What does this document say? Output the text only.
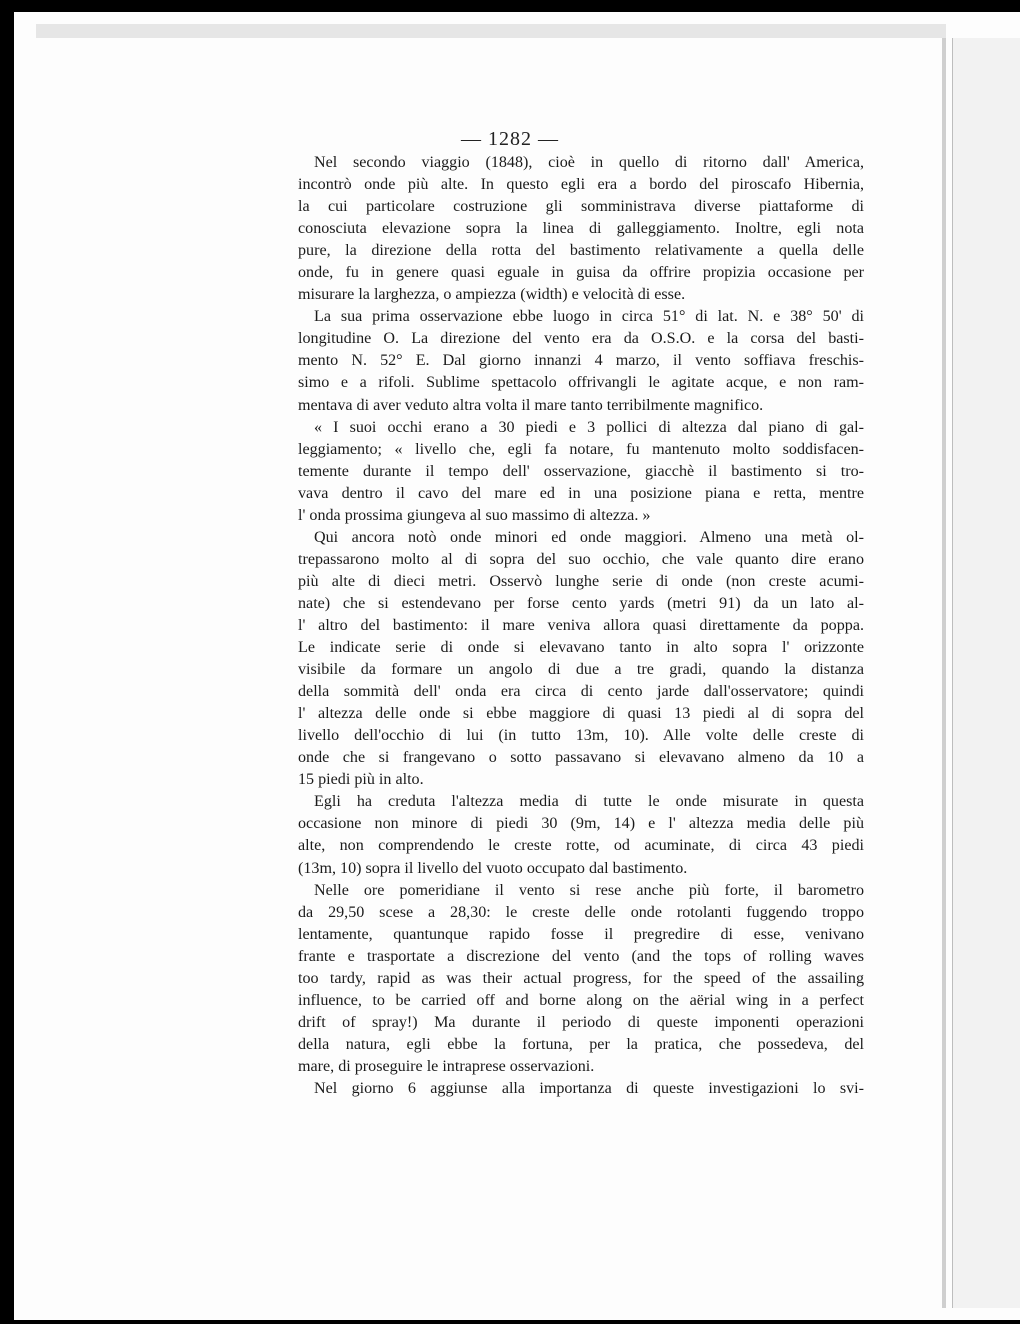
— 1282 —
Nel secondo viaggio (1848), cioè in quello di ritorno dall' America,
incontrò onde più alte. In questo egli era a bordo del piroscafo Hibernia,
la cui particolare costruzione gli somministrava diverse piattaforme di
conosciuta elevazione sopra la linea di galleggiamento. Inoltre, egli nota
pure, la direzione della rotta del bastimento relativamente a quella delle
onde, fu in genere quasi eguale in guisa da offrire propizia occasione per
misurare la larghezza, o ampiezza (width) e velocità di esse.
La sua prima osservazione ebbe luogo in circa 51° di lat. N. e 38° 50' di
longitudine O. La direzione del vento era da O.S.O. e la corsa del basti-
mento N. 52° E. Dal giorno innanzi 4 marzo, il vento soffiava freschis-
simo e a rifoli. Sublime spettacolo offrivangli le agitate acque, e non ram-
mentava di aver veduto altra volta il mare tanto terribilmente magnifico.
« I suoi occhi erano a 30 piedi e 3 pollici di altezza dal piano di gal-
leggiamento; « livello che, egli fa notare, fu mantenuto molto soddisfacen-
temente durante il tempo dell' osservazione, giacchè il bastimento si tro-
vava dentro il cavo del mare ed in una posizione piana e retta, mentre
l' onda prossima giungeva al suo massimo di altezza. »
Qui ancora notò onde minori ed onde maggiori. Almeno una metà ol-
trepassarono molto al di sopra del suo occhio, che vale quanto dire erano
più alte di dieci metri. Osservò lunghe serie di onde (non creste acumi-
nate) che si estendevano per forse cento yards (metri 91) da un lato al-
l' altro del bastimento: il mare veniva allora quasi direttamente da poppa.
Le indicate serie di onde si elevavano tanto in alto sopra l' orizzonte
visibile da formare un angolo di due a tre gradi, quando la distanza
della sommità dell' onda era circa di cento jarde dall'osservatore; quindi
l' altezza delle onde si ebbe maggiore di quasi 13 piedi al di sopra del
livello dell'occhio di lui (in tutto 13m, 10). Alle volte delle creste di
onde che si frangevano o sotto passavano si elevavano almeno da 10 a
15 piedi più in alto.
Egli ha creduta l'altezza media di tutte le onde misurate in questa
occasione non minore di piedi 30 (9m, 14) e l' altezza media delle più
alte, non comprendendo le creste rotte, od acuminate, di circa 43 piedi
(13m, 10) sopra il livello del vuoto occupato dal bastimento.
Nelle ore pomeridiane il vento si rese anche più forte, il barometro
da 29,50 scese a 28,30: le creste delle onde rotolanti fuggendo troppo
lentamente, quantunque rapido fosse il pregredire di esse, venivano
frante e trasportate a discrezione del vento (and the tops of rolling waves
too tardy, rapid as was their actual progress, for the speed of the assailing
influence, to be carried off and borne along on the aërial wing in a perfect
drift of spray!) Ma durante il periodo di queste imponenti operazioni
della natura, egli ebbe la fortuna, per la pratica, che possedeva, del
mare, di proseguire le intraprese osservazioni.
Nel giorno 6 aggiunse alla importanza di queste investigazioni lo svi-
